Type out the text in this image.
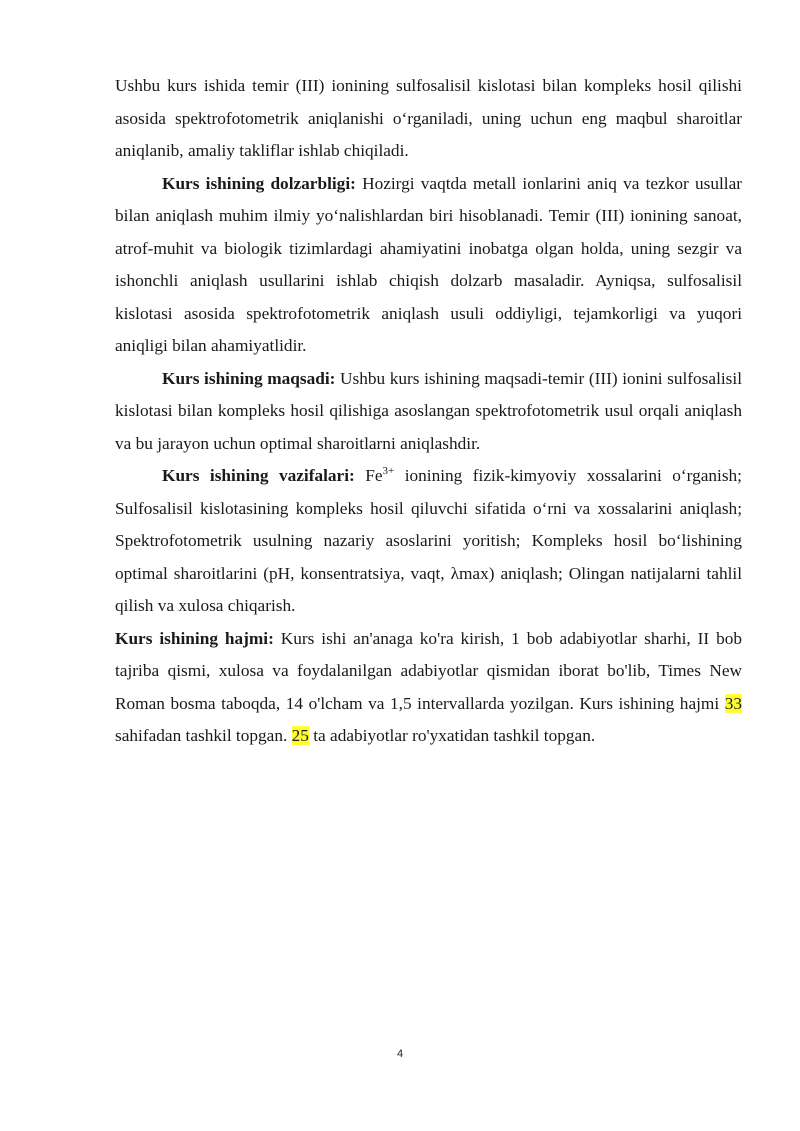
Ushbu kurs ishida temir (III) ionining sulfosalisil kislotasi bilan kompleks hosil qilishi asosida spektrofotometrik aniqlanishi o‘rganiladi, uning uchun eng maqbul sharoitlar aniqlanib, amaliy takliflar ishlab chiqiladi.

Kurs ishining dolzarbligi: Hozirgi vaqtda metall ionlarini aniq va tezkor usullar bilan aniqlash muhim ilmiy yo‘nalishlardan biri hisoblanadi. Temir (III) ionining sanoat, atrof-muhit va biologik tizimlardagi ahamiyatini inobatga olgan holda, uning sezgir va ishonchli aniqlash usullarini ishlab chiqish dolzarb masaladir. Ayniqsa, sulfosalisil kislotasi asosida spektrofotometrik aniqlash usuli oddiyligi, tejamkorligi va yuqori aniqligi bilan ahamiyatlidir.

Kurs ishining maqsadi: Ushbu kurs ishining maqsadi-temir (III) ionini sulfosalisil kislotasi bilan kompleks hosil qilishiga asoslangan spektrofotometrik usul orqali aniqlash va bu jarayon uchun optimal sharoitlarni aniqlashdir.

Kurs ishining vazifalari: $Fe^{3+}$ ionining fizik-kimyoviy xossalarini o‘rganish; Sulfosalisil kislotasining kompleks hosil qiluvchi sifatida o‘rni va xossalarini aniqlash; Spektrofotometrik usulning nazariy asoslarini yoritish; Kompleks hosil bo‘lishining optimal sharoitlarini (pH, konsentratsiya, vaqt, λmax) aniqlash; Olingan natijalarni tahlil qilish va xulosa chiqarish.

Kurs ishining hajmi: Kurs ishi an'anaga ko'ra kirish, 1 bob adabiyotlar sharhi, II bob tajriba qismi, xulosa va foydalanilgan adabiyotlar qismidan iborat bo'lib, Times New Roman bosma taboqda, 14 o'lcham va 1,5 intervallarda yozilgan. Kurs ishining hajmi 33 sahifadan tashkil topgan. 25 ta adabiyotlar ro'yxatidan tashkil topgan.

4
